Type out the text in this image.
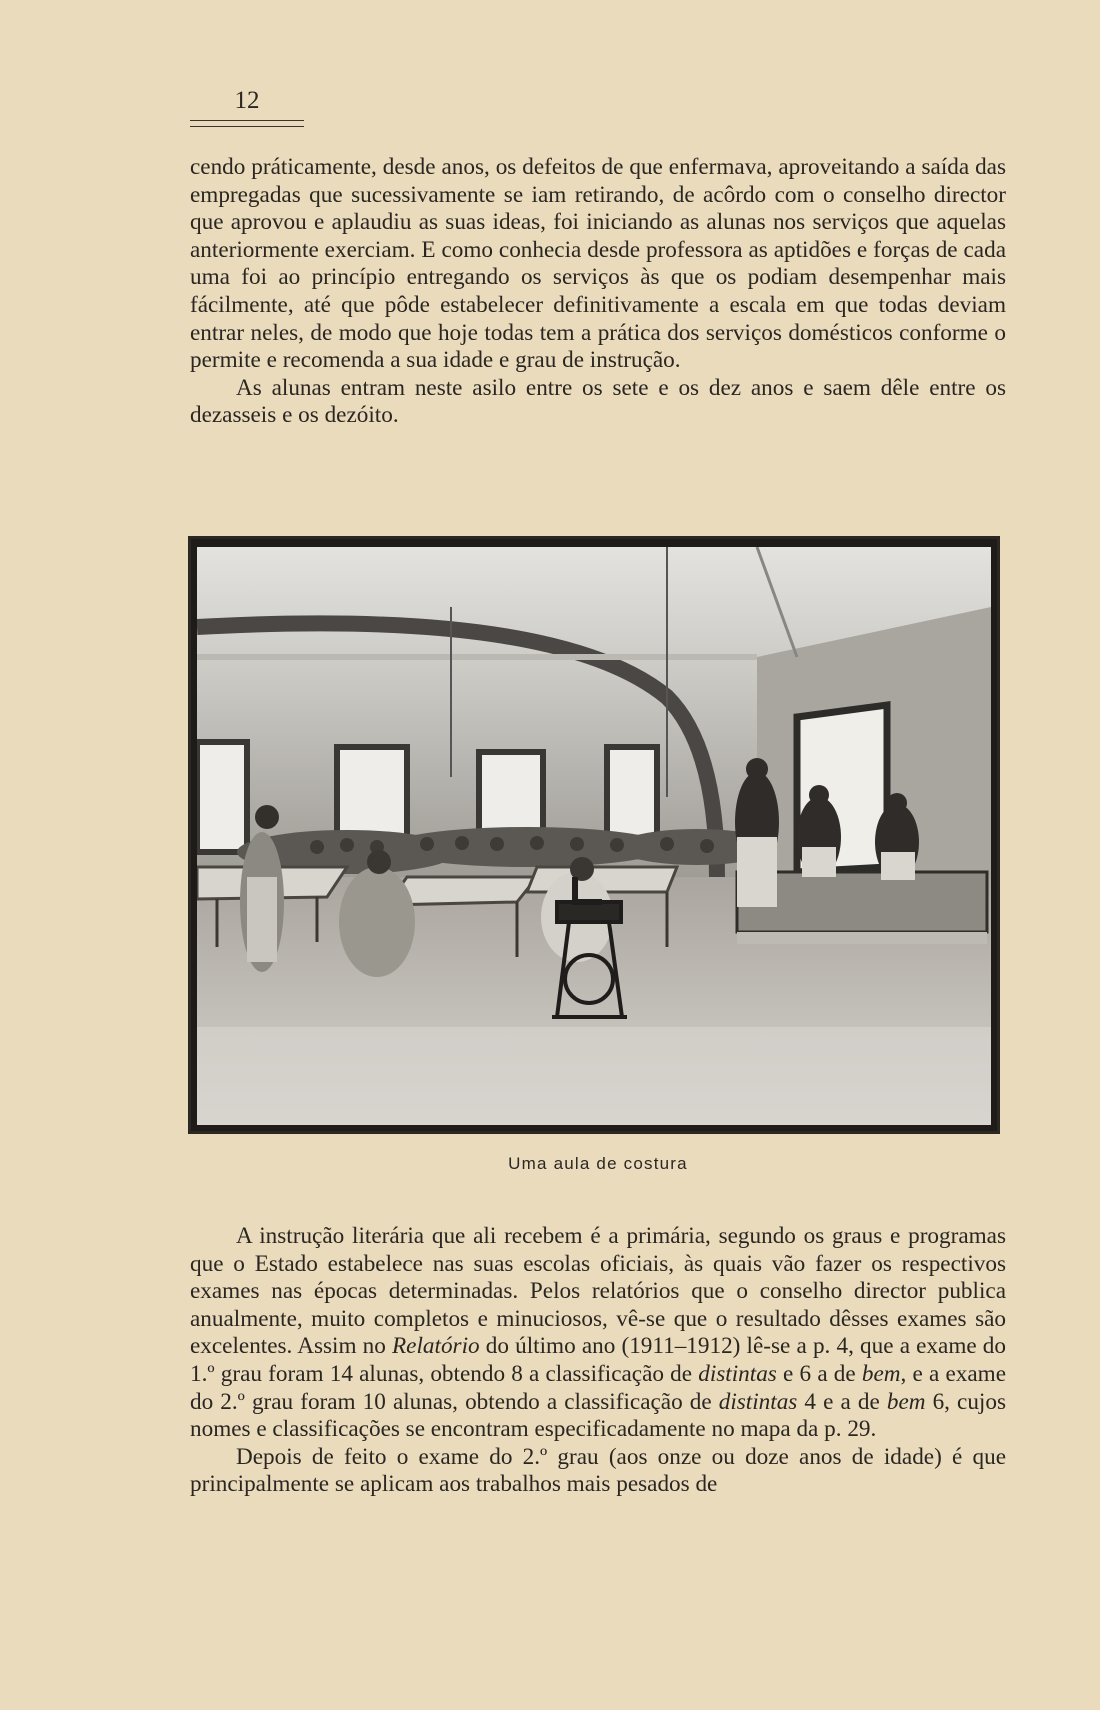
12

cendo práticamente, desde anos, os defeitos de que enfermava, aproveitando a saída das empregadas que sucessivamente se iam retirando, de acôrdo com o conselho director que aprovou e aplaudiu as suas ideas, foi iniciando as alunas nos serviços que aquelas anteriormente exerciam. E como conhecia desde professora as aptidões e forças de cada uma foi ao princípio entregando os serviços às que os podiam desempenhar mais fácilmente, até que pôde estabelecer definitivamente a escala em que todas deviam entrar neles, de modo que hoje todas tem a prática dos serviços domésticos conforme o permite e recomenda a sua idade e grau de instrução.

As alunas entram neste asilo entre os sete e os dez anos e saem dêle entre os dezasseis e os dezóito.

Uma aula de costura

A instrução literária que ali recebem é a primária, segundo os graus e programas que o Estado estabelece nas suas escolas oficiais, às quais vão fazer os respectivos exames nas épocas determinadas. Pelos relatórios que o conselho director publica anualmente, muito completos e minuciosos, vê-se que o resultado dêsses exames são excelentes. Assim no Relatório do último ano (1911–1912) lê-se a p. 4, que a exame do 1.º grau foram 14 alunas, obtendo 8 a classificação de distintas e 6 a de bem, e a exame do 2.º grau foram 10 alunas, obtendo a classificação de distintas 4 e a de bem 6, cujos nomes e classificações se encontram especificadamente no mapa da p. 29.

Depois de feito o exame do 2.º grau (aos onze ou doze anos de idade) é que principalmente se aplicam aos trabalhos mais pesados de
